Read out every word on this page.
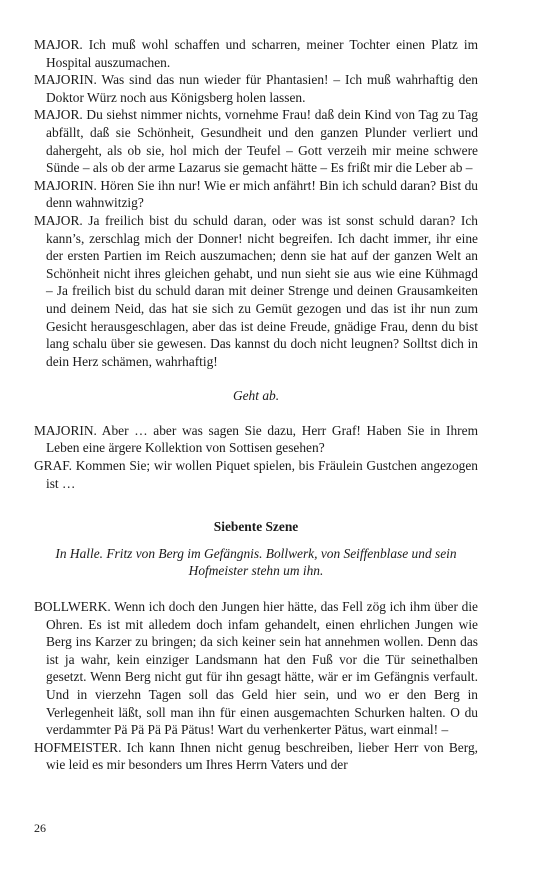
MAJOR. Ich muß wohl schaffen und scharren, meiner Tochter einen Platz im Hospital auszumachen.

MAJORIN. Was sind das nun wieder für Phantasien! – Ich muß wahrhaftig den Doktor Würz noch aus Königsberg holen lassen.

MAJOR. Du siehst nimmer nichts, vornehme Frau! daß dein Kind von Tag zu Tag abfällt, daß sie Schönheit, Gesundheit und den ganzen Plunder verliert und dahergeht, als ob sie, hol mich der Teufel – Gott verzeih mir meine schwere Sünde – als ob der arme Lazarus sie gemacht hätte – Es frißt mir die Leber ab –

MAJORIN. Hören Sie ihn nur! Wie er mich anfährt! Bin ich schuld daran? Bist du denn wahnwitzig?

MAJOR. Ja freilich bist du schuld daran, oder was ist sonst schuld daran? Ich kann’s, zerschlag mich der Donner! nicht begreifen. Ich dacht immer, ihr eine der ersten Partien im Reich auszumachen; denn sie hat auf der ganzen Welt an Schönheit nicht ihres gleichen gehabt, und nun sieht sie aus wie eine Kühmagd – Ja freilich bist du schuld daran mit deiner Strenge und deinen Grausamkeiten und deinem Neid, das hat sie sich zu Gemüt gezogen und das ist ihr nun zum Gesicht herausgeschlagen, aber das ist deine Freude, gnädige Frau, denn du bist lang schalu über sie gewesen. Das kannst du doch nicht leugnen? Solltst dich in dein Herz schämen, wahrhaftig!

Geht ab.

MAJORIN. Aber … aber was sagen Sie dazu, Herr Graf! Haben Sie in Ihrem Leben eine ärgere Kollektion von Sottisen gesehen?

GRAF. Kommen Sie; wir wollen Piquet spielen, bis Fräulein Gustchen angezogen ist …

Siebente Szene

In Halle. Fritz von Berg im Gefängnis. Bollwerk, von Seiffenblase und sein Hofmeister stehn um ihn.

BOLLWERK. Wenn ich doch den Jungen hier hätte, das Fell zög ich ihm über die Ohren. Es ist mit alledem doch infam gehandelt, einen ehrlichen Jungen wie Berg ins Karzer zu bringen; da sich keiner sein hat annehmen wollen. Denn das ist ja wahr, kein einziger Landsmann hat den Fuß vor die Tür seinethalben gesetzt. Wenn Berg nicht gut für ihn gesagt hätte, wär er im Gefängnis verfault. Und in vierzehn Tagen soll das Geld hier sein, und wo er den Berg in Verlegenheit läßt, soll man ihn für einen ausgemachten Schurken halten. O du verdammter Pä Pä Pä Pä Pätus! Wart du verhenkerter Pätus, wart einmal! –

HOFMEISTER. Ich kann Ihnen nicht genug beschreiben, lieber Herr von Berg, wie leid es mir besonders um Ihres Herrn Vaters und der

26
